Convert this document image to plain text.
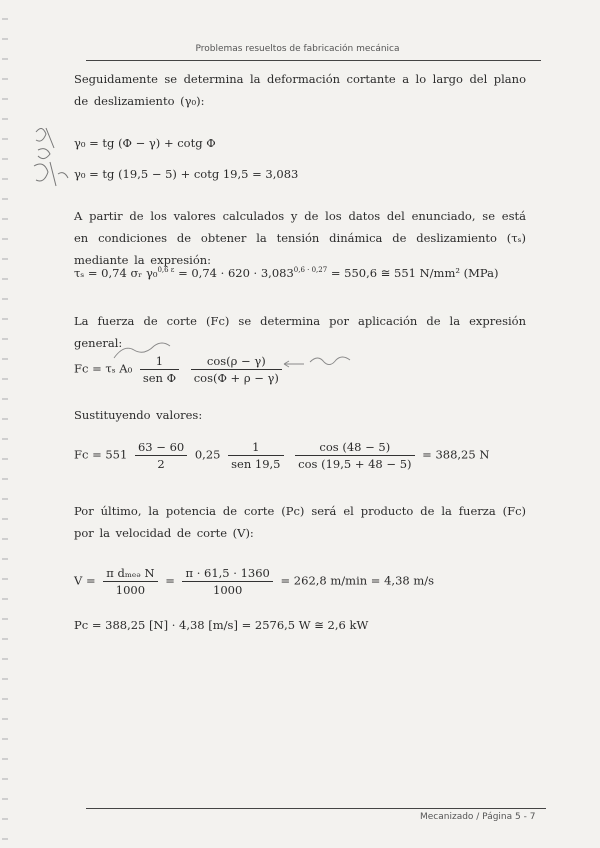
Problemas resueltos de fabricación mecánica
Seguidamente se determina la deformación cortante a lo largo del plano de deslizamiento (γ₀):
γ₀ = tg (Φ − γ) + cotg Φ
γ₀ = tg (19,5 − 5) + cotg 19,5 = 3,083
A partir de los valores calculados y de los datos del enunciado, se está en condiciones de obtener la tensión dinámica de deslizamiento (τₛ) mediante la expresión:
τₛ = 0,74 σᵣ $\gamma_0^{0,6 \varepsilon} = 0,74 \cdot 620 \cdot 3,083^{0,6 \cdot 0,27} = 550,6$ ≅ 551 N/mm² (MPa)
La fuerza de corte (Fc) se determina por aplicación de la expresión general:
Fc = τₛ $A_0 \frac{1}{\text{sen Φ}}$
$\frac{\cos(\rho - \gamma)}{\cos(\Phi + \rho - \gamma)}$
Sustituyendo valores:
$Fc = 551 \frac{63 - 60}{2} 0,25 \frac{1}{\text{sen 19,5}}$
$\frac{\cos (48 - 5)}{\cos (19,5 + 48 - 5)} = 388,25$ N
Por último, la potencia de corte (Pc) será el producto de la fuerza (Fc) por la velocidad de corte (V):
$V = \frac{\text{π dₘₑₔ N}}{1000} = \frac{\pi \cdot 61,5 \cdot 1360}{1000} = 262,8$ m/min = 4,38 m/s
Pc = 388,25 [N] · 4,38 [m/s] = 2576,5 W ≅ 2,6 kW
Mecanizado / Página 5 - 7
